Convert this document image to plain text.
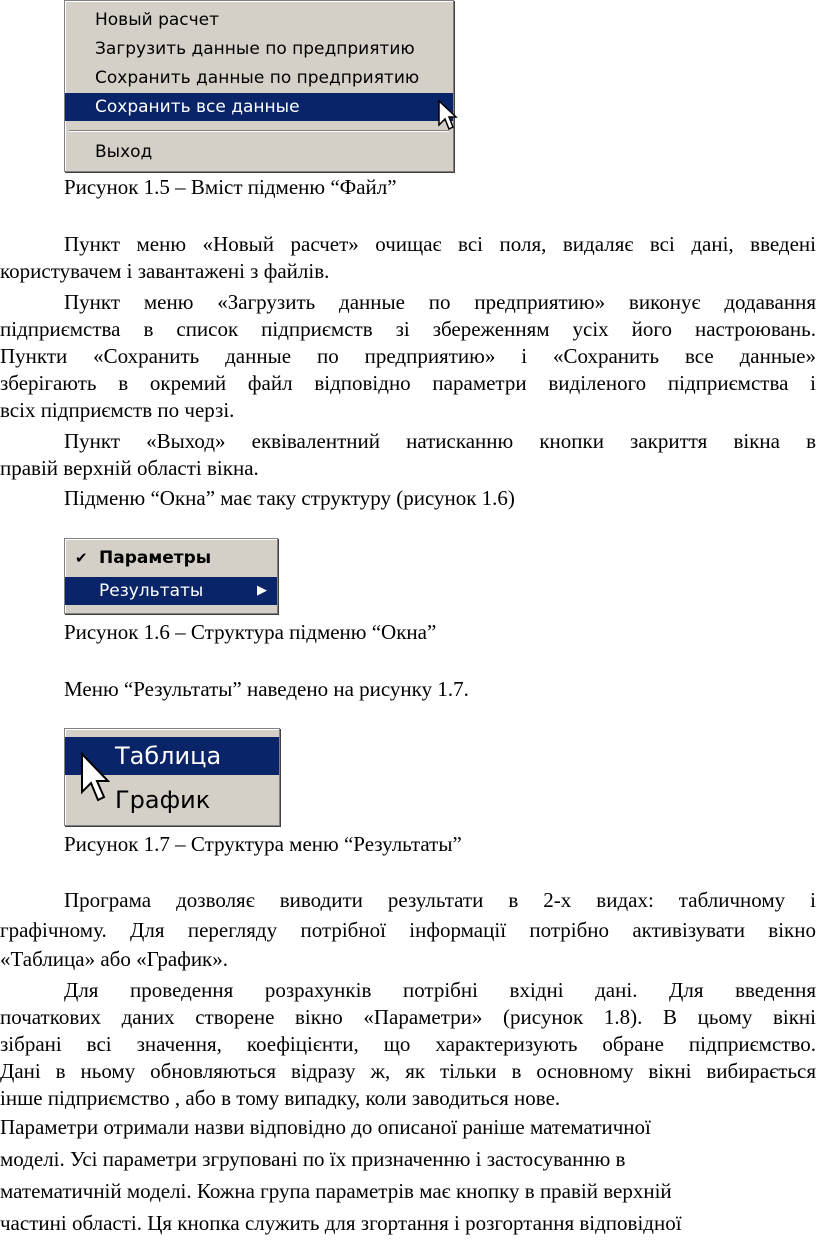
Новый расчет
Загрузить данные по предприятию
Сохранить данные по предприятию
Сохранить все данные
Выход
Рисунок 1.5 – Вміст підменю “Файл”
Пункт меню «Новый расчет» очищає всі поля, видаляє всі дані, введені
користувачем і завантажені з файлів.
Пункт меню «Загрузить данные по предприятию» виконує додавання
підприємства в список підприємств зі збереженням усіх його настроювань.
Пункти «Сохранить данные по предприятию» і «Сохранить все данные»
зберігають в окремий файл відповідно параметри виділеного підприємства і
всіх підприємств по черзі.
Пункт «Выход» еквівалентний натисканню кнопки закриття вікна в
правій верхній області вікна.
Підменю “Окна” має таку структуру (рисунок 1.6)
✔ Параметры
Результаты	▶
Рисунок 1.6 – Структура підменю “Окна”
Меню “Результаты” наведено на рисунку 1.7.
Таблица
График
Рисунок 1.7 – Структура меню “Результаты”
Програма дозволяє виводити результати в 2-х видах: табличному і
графічному. Для перегляду потрібної інформації потрібно активізувати вікно
«Таблица» або «График».
Для проведення розрахунків потрібні вхідні дані. Для введення
початкових даних створене вікно «Параметри» (рисунок 1.8). В цьому вікні
зібрані всі значення, коефіцієнти, що характеризують обране підприємство.
Дані в ньому обновляються відразу ж, як тільки в основному вікні вибирається
інше підприємство , або в тому випадку, коли заводиться нове.
Параметри отримали назви відповідно до описаної раніше математичної
моделі. Усі параметри згруповані по їх призначенню і застосуванню в
математичній моделі. Кожна група параметрів має кнопку в правій верхній
частині області. Ця кнопка служить для згортання і розгортання відповідної
